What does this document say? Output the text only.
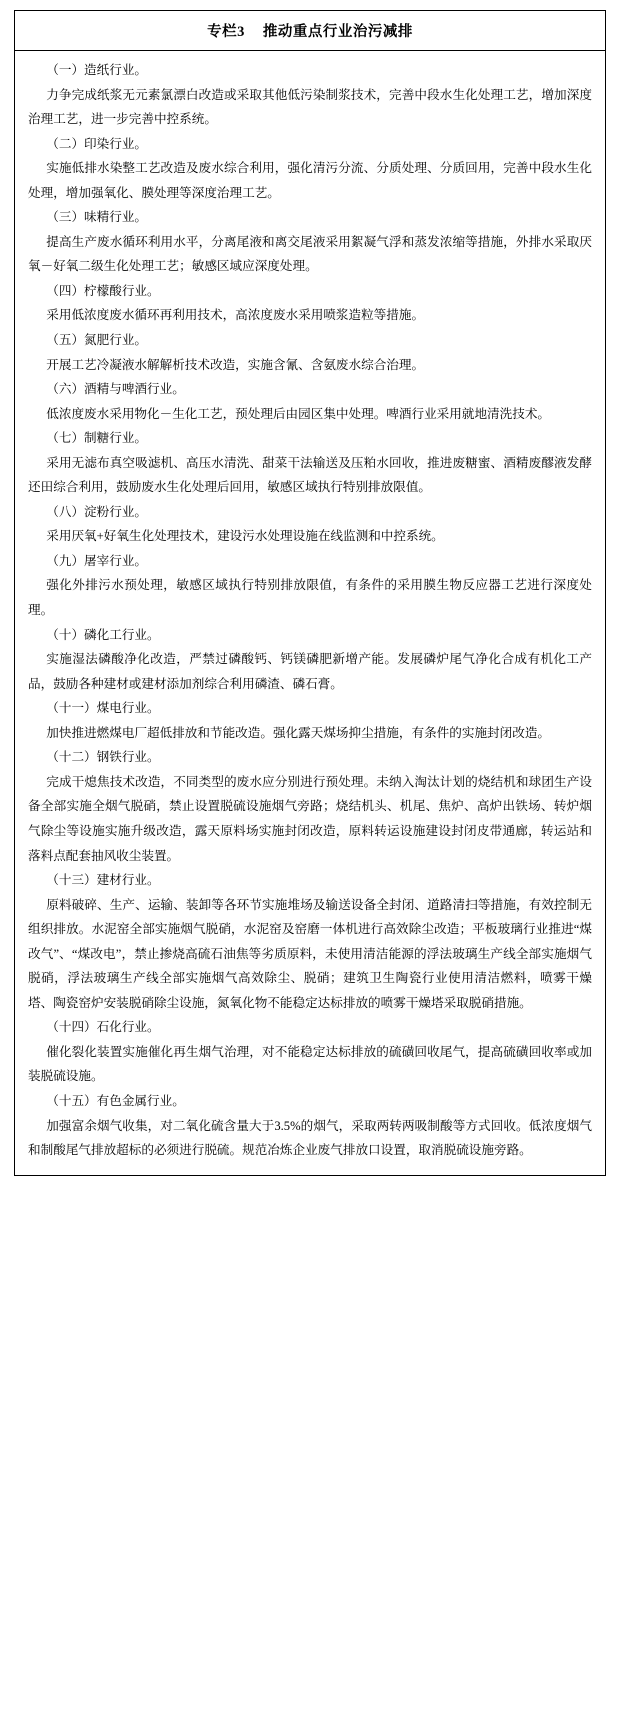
专栏3 推动重点行业治污减排

（一）造纸行业。

力争完成纸浆无元素氯漂白改造或采取其他低污染制浆技术，完善中段水生化处理工艺，增加深度治理工艺，进一步完善中控系统。

（二）印染行业。

实施低排水染整工艺改造及废水综合利用，强化清污分流、分质处理、分质回用，完善中段水生化处理，增加强氧化、膜处理等深度治理工艺。

（三）味精行业。

提高生产废水循环利用水平，分离尾液和离交尾液采用絮凝气浮和蒸发浓缩等措施，外排水采取厌氧－好氧二级生化处理工艺；敏感区域应深度处理。

（四）柠檬酸行业。

采用低浓度废水循环再利用技术，高浓度废水采用喷浆造粒等措施。

（五）氮肥行业。

开展工艺冷凝液水解解析技术改造，实施含氰、含氨废水综合治理。

（六）酒精与啤酒行业。

低浓度废水采用物化－生化工艺，预处理后由园区集中处理。啤酒行业采用就地清洗技术。

（七）制糖行业。

采用无滤布真空吸滤机、高压水清洗、甜菜干法输送及压粕水回收，推进废糖蜜、酒精废醪液发酵还田综合利用，鼓励废水生化处理后回用，敏感区域执行特别排放限值。

（八）淀粉行业。

采用厌氧+好氧生化处理技术，建设污水处理设施在线监测和中控系统。

（九）屠宰行业。

强化外排污水预处理，敏感区域执行特别排放限值，有条件的采用膜生物反应器工艺进行深度处理。

（十）磷化工行业。

实施湿法磷酸净化改造，严禁过磷酸钙、钙镁磷肥新增产能。发展磷炉尾气净化合成有机化工产品，鼓励各种建材或建材添加剂综合利用磷渣、磷石膏。

（十一）煤电行业。

加快推进燃煤电厂超低排放和节能改造。强化露天煤场抑尘措施，有条件的实施封闭改造。

（十二）钢铁行业。

完成干熄焦技术改造，不同类型的废水应分别进行预处理。未纳入淘汰计划的烧结机和球团生产设备全部实施全烟气脱硝，禁止设置脱硫设施烟气旁路；烧结机头、机尾、焦炉、高炉出铁场、转炉烟气除尘等设施实施升级改造，露天原料场实施封闭改造，原料转运设施建设封闭皮带通廊，转运站和落料点配套抽风收尘装置。

（十三）建材行业。

原料破碎、生产、运输、装卸等各环节实施堆场及输送设备全封闭、道路清扫等措施，有效控制无组织排放。水泥窑全部实施烟气脱硝，水泥窑及窑磨一体机进行高效除尘改造；平板玻璃行业推进“煤改气”、“煤改电”，禁止掺烧高硫石油焦等劣质原料，未使用清洁能源的浮法玻璃生产线全部实施烟气脱硝，浮法玻璃生产线全部实施烟气高效除尘、脱硝；建筑卫生陶瓷行业使用清洁燃料，喷雾干燥塔、陶瓷窑炉安装脱硝除尘设施，氮氧化物不能稳定达标排放的喷雾干燥塔采取脱硝措施。

（十四）石化行业。

催化裂化装置实施催化再生烟气治理，对不能稳定达标排放的硫磺回收尾气，提高硫磺回收率或加装脱硫设施。

（十五）有色金属行业。

加强富余烟气收集，对二氧化硫含量大于3.5%的烟气，采取两转两吸制酸等方式回收。低浓度烟气和制酸尾气排放超标的必须进行脱硫。规范冶炼企业废气排放口设置，取消脱硫设施旁路。
